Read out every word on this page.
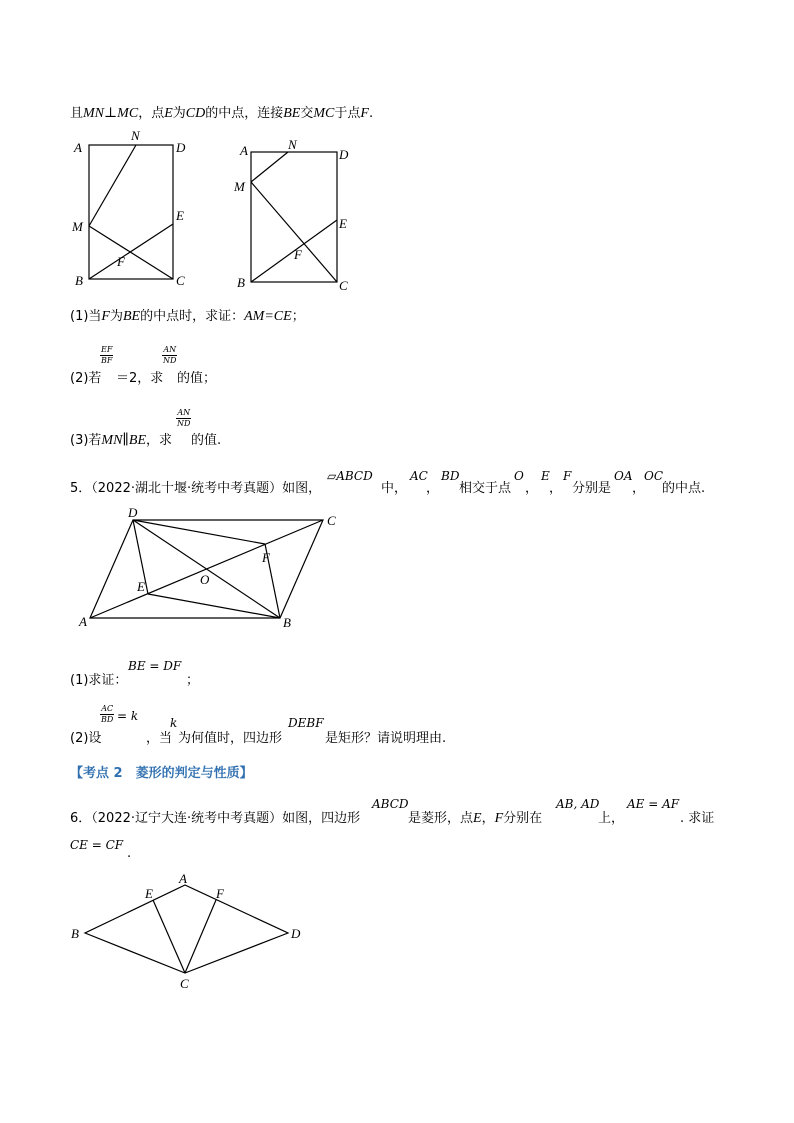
且MN⊥MC，点E为CD的中点，连接BE交MC于点F.
A
N
D
M
E
B
F
C
A	N
D
M
E
F
B	C
(1)当F为BE的中点时，求证：AM=CE；
(2)若
$\frac{EF}{BF}$
＝2，求
$\frac{AN}{ND}$
的值；
(3)若MN∥BE，求
$\frac{AN}{ND}$
的值.
5．（2022·湖北十堰·统考中考真题）如图，
▱ABCD
中，
AC
，
BD
相交于点
O
，
E
，
F
分别是
OA
，
OC
的中点.
D
C
F
O
E
A	B
(1)求证：
BE = DF
；
(2)设
$\frac{AC}{BD} = k$
，当
k
为何值时，四边形
DEBF
是矩形？请说明理由.
【考点 2　菱形的判定与性质】
6．（2022·辽宁大连·统考中考真题）如图，四边形
ABCD
是菱形，点E，F分别在
AB, AD
上，
AE = AF
. 求证
CE = CF
.
A
E	F
B	D
C
